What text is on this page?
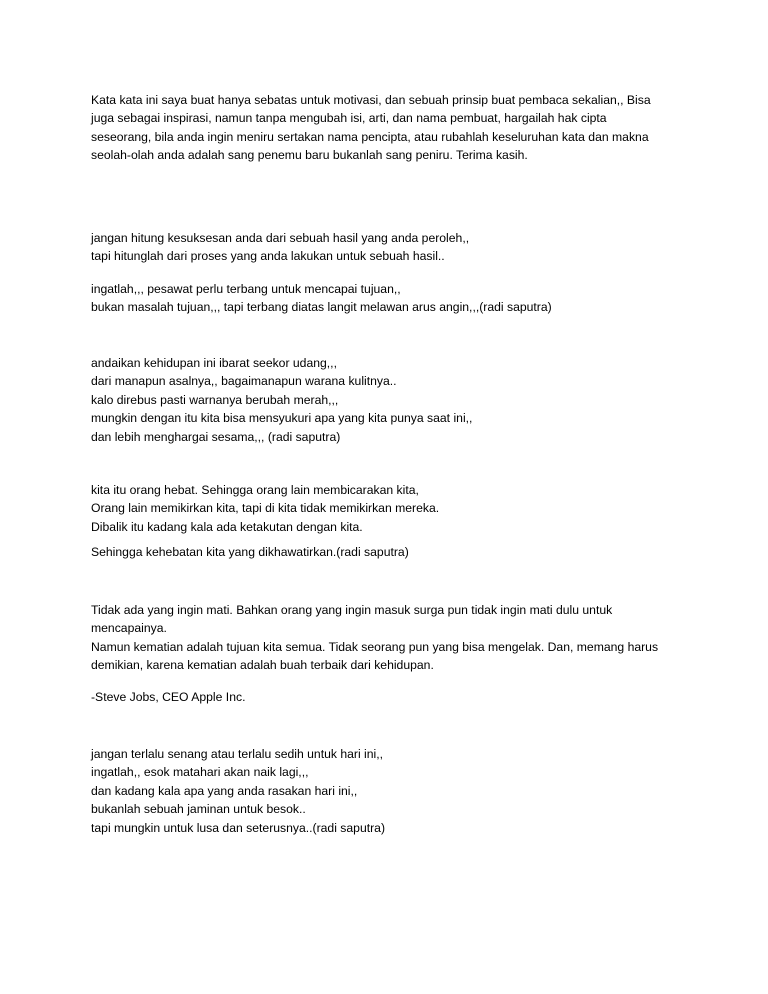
Kata kata ini saya buat hanya sebatas untuk motivasi, dan sebuah prinsip buat pembaca sekalian,, Bisa
juga sebagai inspirasi, namun tanpa mengubah isi, arti, dan nama pembuat, hargailah hak cipta
seseorang, bila anda ingin meniru sertakan nama pencipta, atau rubahlah keseluruhan kata dan makna
seolah-olah anda adalah sang penemu baru bukanlah sang peniru. Terima kasih.

jangan hitung kesuksesan anda dari sebuah hasil yang anda peroleh,,
tapi hitunglah dari proses yang anda lakukan untuk sebuah hasil..

ingatlah,,, pesawat perlu terbang untuk mencapai tujuan,,
bukan masalah tujuan,,, tapi terbang diatas langit melawan arus angin,,,(radi saputra)

andaikan kehidupan ini ibarat seekor udang,,,
dari manapun asalnya,, bagaimanapun warana kulitnya..
kalo direbus pasti warnanya berubah merah,,,
mungkin dengan itu kita bisa mensyukuri apa yang kita punya saat ini,,
dan lebih menghargai sesama,,, (radi saputra)

kita itu orang hebat. Sehingga orang lain membicarakan kita,
Orang lain memikirkan kita, tapi di kita tidak memikirkan mereka.
Dibalik itu kadang kala ada ketakutan dengan kita.

Sehingga kehebatan kita yang dikhawatirkan.(radi saputra)

Tidak ada yang ingin mati. Bahkan orang yang ingin masuk surga pun tidak ingin mati dulu untuk
mencapainya.
Namun kematian adalah tujuan kita semua. Tidak seorang pun yang bisa mengelak. Dan, memang harus
demikian, karena kematian adalah buah terbaik dari kehidupan.

-Steve Jobs, CEO Apple Inc.

jangan terlalu senang atau terlalu sedih untuk hari ini,,
ingatlah,, esok matahari akan naik lagi,,,
dan kadang kala apa yang anda rasakan hari ini,,
bukanlah sebuah jaminan untuk besok..
tapi mungkin untuk lusa dan seterusnya..(radi saputra)
